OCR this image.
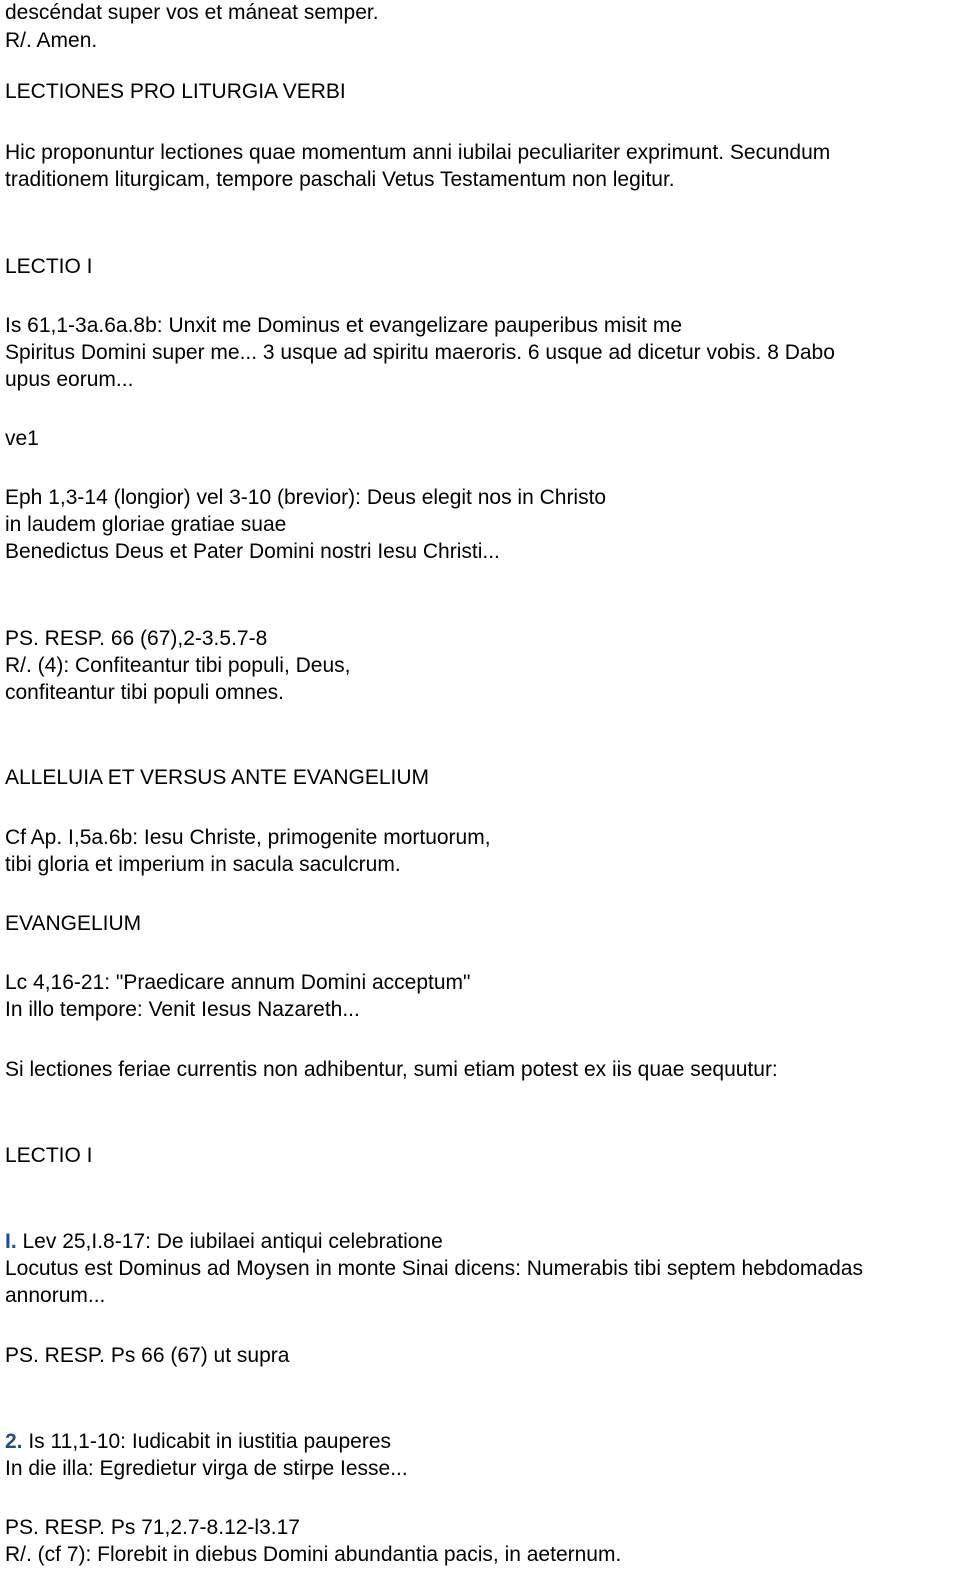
descéndat super vos et máneat semper.
R/. Amen.
LECTIONES PRO LITURGIA VERBI
Hic proponuntur lectiones quae momentum anni iubilai peculiariter exprimunt. Secundum
traditionem liturgicam, tempore paschali Vetus Testamentum non legitur.
LECTIO I
Is 61,1-3a.6a.8b: Unxit me Dominus et evangelizare pauperibus misit me
Spiritus Domini super me... 3 usque ad spiritu maeroris. 6 usque ad dicetur vobis. 8 Dabo
upus eorum...
ve1
Eph 1,3-14 (longior) vel 3-10 (brevior): Deus elegit nos in Christo
in laudem gloriae gratiae suae
Benedictus Deus et Pater Domini nostri Iesu Christi...
PS. RESP. 66 (67),2-3.5.7-8
R/. (4): Confiteantur tibi populi, Deus,
confiteantur tibi populi omnes.
ALLELUIA ET VERSUS ANTE EVANGELIUM
Cf Ap. I,5a.6b: Iesu Christe, primogenite mortuorum,
tibi gloria et imperium in sacula saculcrum.
EVANGELIUM
Lc 4,16-21: "Praedicare annum Domini acceptum"
In illo tempore: Venit Iesus Nazareth...
Si lectiones feriae currentis non adhibentur, sumi etiam potest ex iis quae sequutur:
LECTIO I
I. Lev 25,I.8-17: De iubilaei antiqui celebratione
Locutus est Dominus ad Moysen in monte Sinai dicens: Numerabis tibi septem hebdomadas
annorum...
PS. RESP. Ps 66 (67) ut supra
2. Is 11,1-10: Iudicabit in iustitia pauperes
In die illa: Egredietur virga de stirpe Iesse...
PS. RESP. Ps 71,2.7-8.12-l3.17
R/. (cf 7): Florebit in diebus Domini abundantia pacis, in aeternum.
